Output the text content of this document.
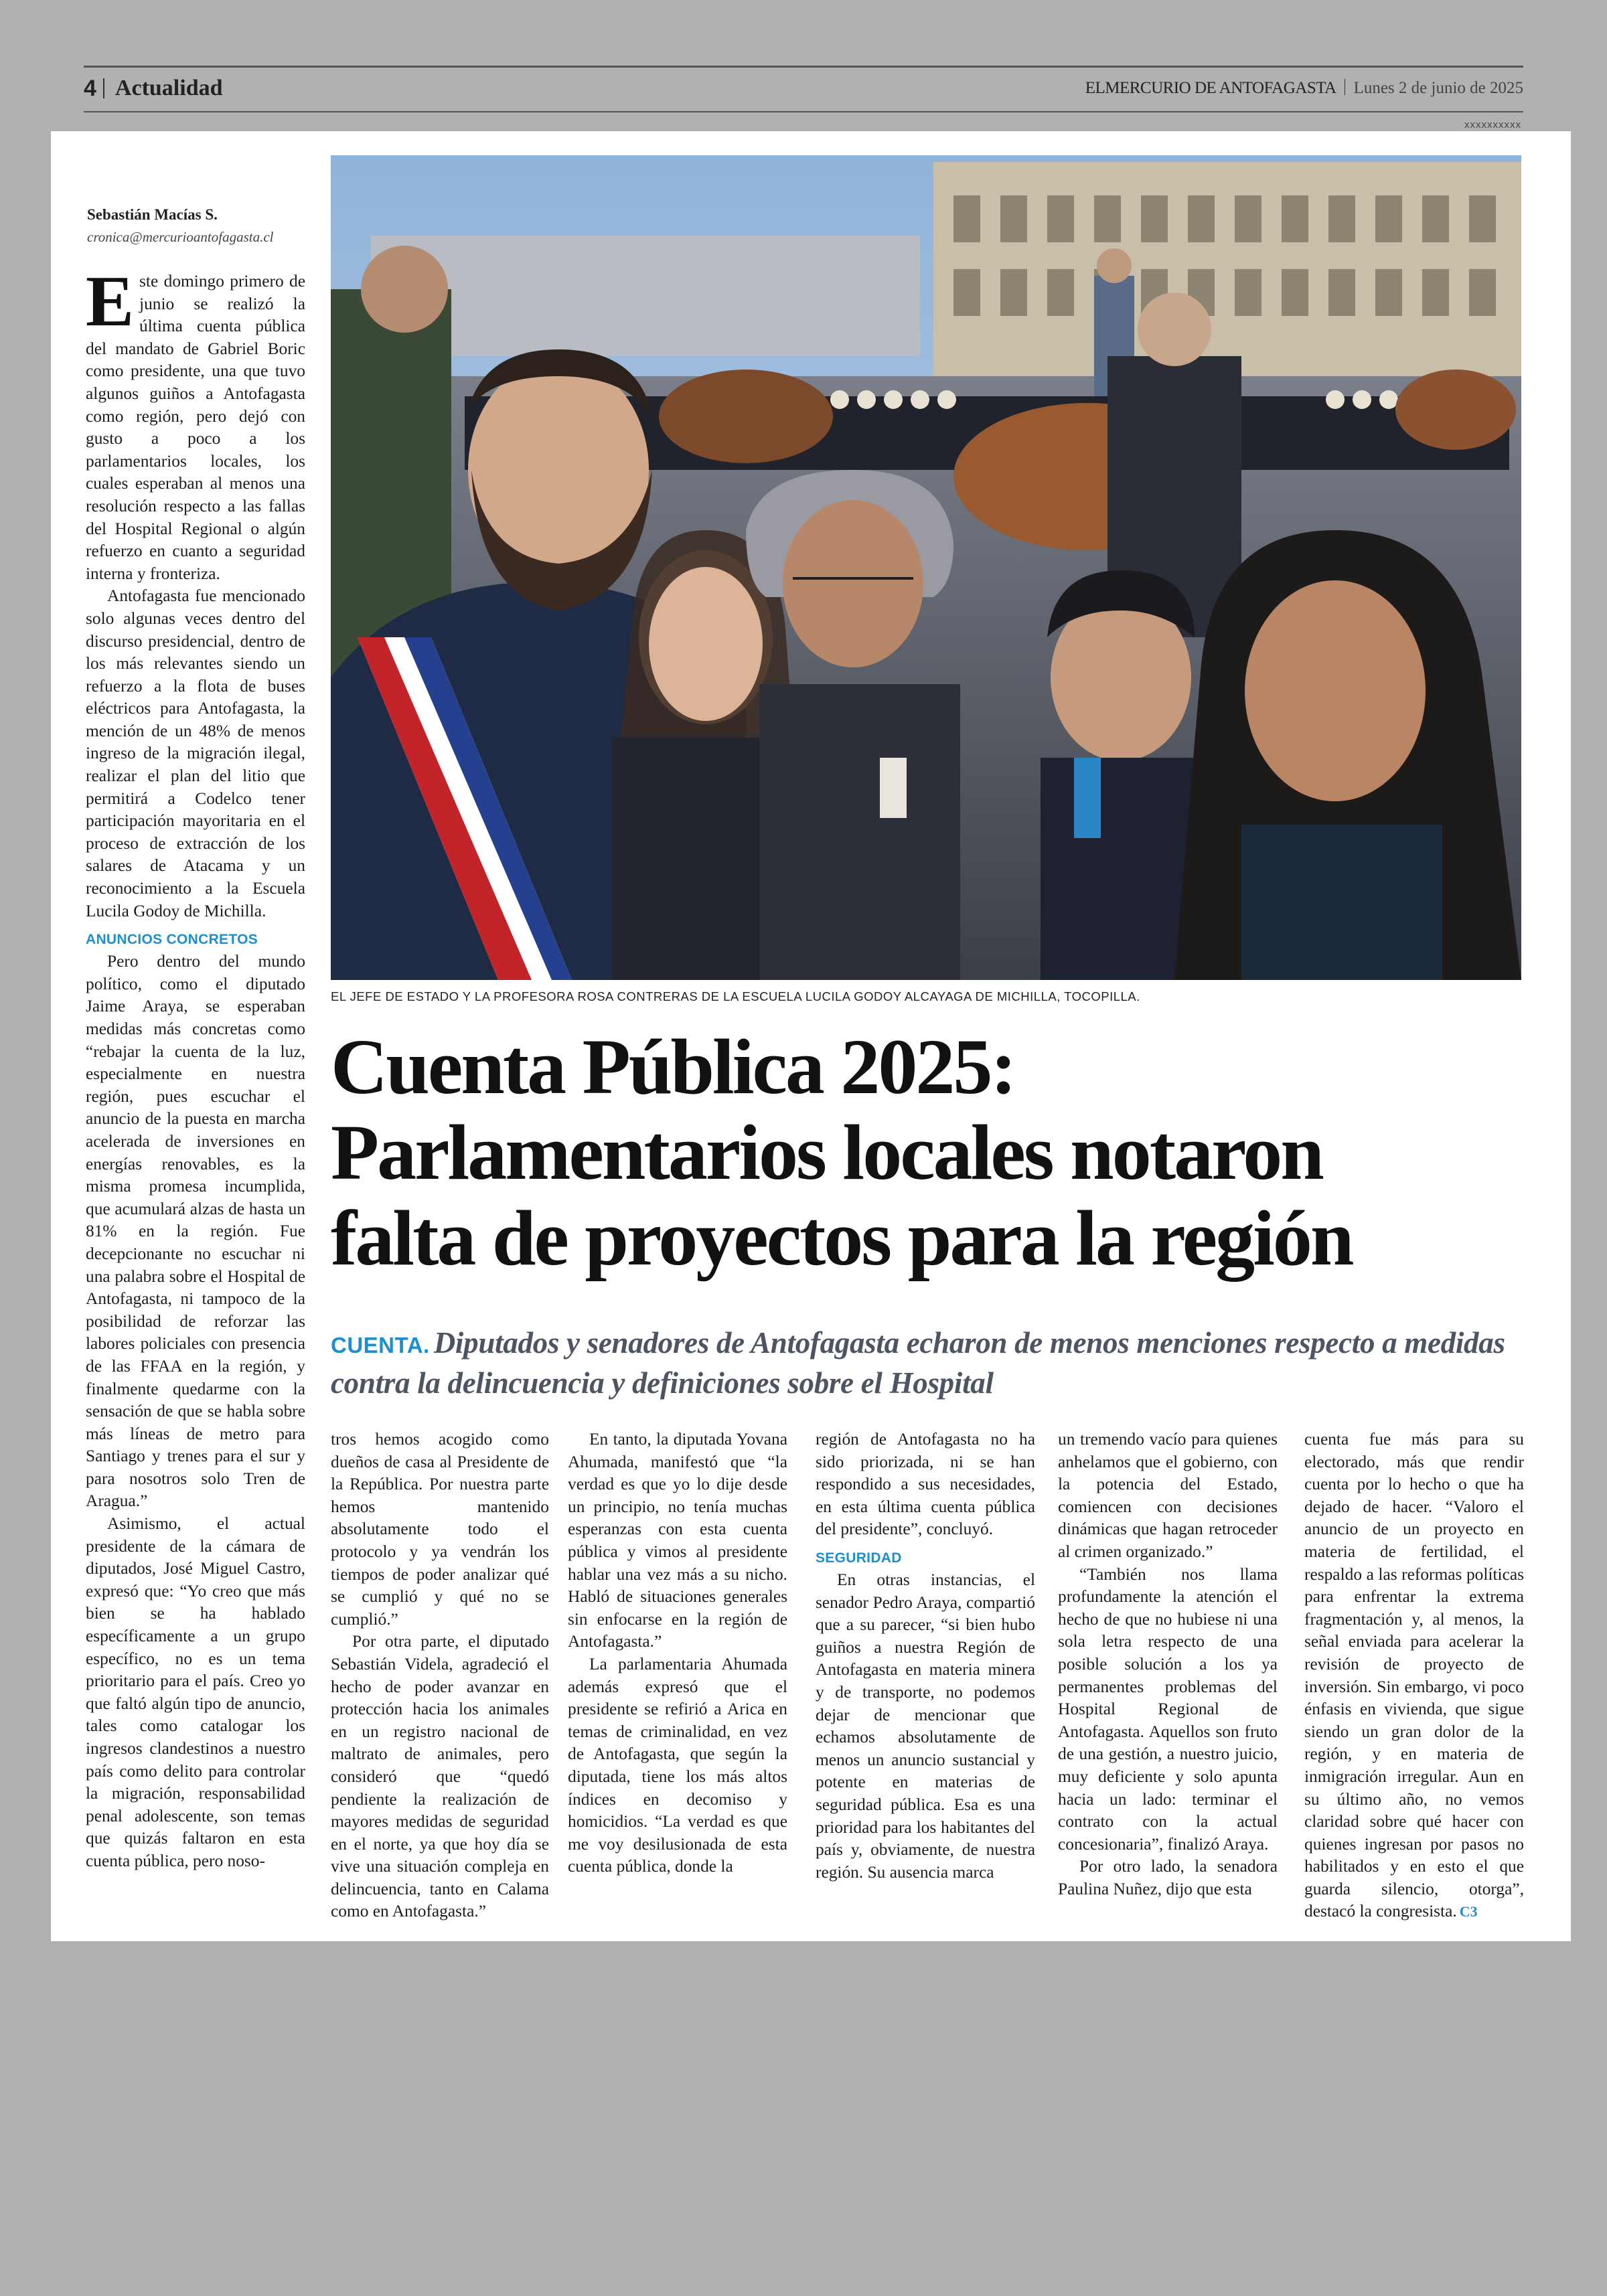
4 Actualidad	ELMERCURIO DE ANTOFAGASTA Lunes 2 de junio de 2025
xxxxxxxxxx
Sebastián Macías S.
cronica@mercurioantofagasta.cl

Este domingo primero de junio se realizó la última cuenta pública del mandato de Gabriel Boric como presidente, una que tuvo algunos guiños a Antofagasta como región, pero dejó con gusto a poco a los parlamentarios locales, los cuales esperaban al menos una resolución respecto a las fallas del Hospital Regional o algún refuerzo en cuanto a seguridad interna y fronteriza.

Antofagasta fue mencionado solo algunas veces dentro del discurso presidencial, dentro de los más relevantes siendo un refuerzo a la flota de buses eléctricos para Antofagasta, la mención de un 48% de menos ingreso de la migración ilegal, realizar el plan del litio que permitirá a Codelco tener participación mayoritaria en el proceso de extracción de los salares de Atacama y un reconocimiento a la Escuela Lucila Godoy de Michilla.

ANUNCIOS CONCRETOS

Pero dentro del mundo político, como el diputado Jaime Araya, se esperaban medidas más concretas como “rebajar la cuenta de la luz, especialmente en nuestra región, pues escuchar el anuncio de la puesta en marcha acelerada de inversiones en energías renovables, es la misma promesa incumplida, que acumulará alzas de hasta un 81% en la región. Fue decepcionante no escuchar ni una palabra sobre el Hospital de Antofagasta, ni tampoco de la posibilidad de reforzar las labores policiales con presencia de las FFAA en la región, y finalmente quedarme con la sensación de que se habla sobre más líneas de metro para Santiago y trenes para el sur y para nosotros solo Tren de Aragua.”

Asimismo, el actual presidente de la cámara de diputados, José Miguel Castro, expresó que: “Yo creo que más bien se ha hablado específicamente a un grupo específico, no es un tema prioritario para el país. Creo yo que faltó algún tipo de anuncio, tales como catalogar los ingresos clandestinos a nuestro país como delito para controlar la migración, responsabilidad penal adolescente, son temas que quizás faltaron en esta cuenta pública, pero noso-

EL JEFE DE ESTADO Y LA PROFESORA ROSA CONTRERAS DE LA ESCUELA LUCILA GODOY ALCAYAGA DE MICHILLA, TOCOPILLA.
Cuenta Pública 2025:
Parlamentarios locales notaron
falta de proyectos para la región
CUENTA. Diputados y senadores de Antofagasta echaron de menos menciones respecto a medidas contra la delincuencia y definiciones sobre el Hospital

tros hemos acogido como dueños de casa al Presidente de la República. Por nuestra parte hemos mantenido absolutamente todo el protocolo y ya vendrán los tiempos de poder analizar qué se cumplió y qué no se cumplió.”

Por otra parte, el diputado Sebastián Videla, agradeció el hecho de poder avanzar en protección hacia los animales en un registro nacional de maltrato de animales, pero consideró que “quedó pendiente la realización de mayores medidas de seguridad en el norte, ya que hoy día se vive una situación compleja en delincuencia, tanto en Calama como en Antofagasta.”

En tanto, la diputada Yovana Ahumada, manifestó que “la verdad es que yo lo dije desde un principio, no tenía muchas esperanzas con esta cuenta pública y vimos al presidente hablar una vez más a su nicho. Habló de situaciones generales sin enfocarse en la región de Antofagasta.”

La parlamentaria Ahumada además expresó que el presidente se refirió a Arica en temas de criminalidad, en vez de Antofagasta, que según la diputada, tiene los más altos índices en decomiso y homicidios. “La verdad es que me voy desilusionada de esta cuenta pública, donde la

región de Antofagasta no ha sido priorizada, ni se han respondido a sus necesidades, en esta última cuenta pública del presidente”, concluyó.

SEGURIDAD

En otras instancias, el senador Pedro Araya, compartió que a su parecer, “si bien hubo guiños a nuestra Región de Antofagasta en materia minera y de transporte, no podemos dejar de mencionar que echamos absolutamente de menos un anuncio sustancial y potente en materias de seguridad pública. Esa es una prioridad para los habitantes del país y, obviamente, de nuestra región. Su ausencia marca

un tremendo vacío para quienes anhelamos que el gobierno, con la potencia del Estado, comiencen con decisiones dinámicas que hagan retroceder al crimen organizado.”

“También nos llama profundamente la atención el hecho de que no hubiese ni una sola letra respecto de una posible solución a los ya permanentes problemas del Hospital Regional de Antofagasta. Aquellos son fruto de una gestión, a nuestro juicio, muy deficiente y solo apunta hacia un lado: terminar el contrato con la actual concesionaria”, finalizó Araya.

Por otro lado, la senadora Paulina Nuñez, dijo que esta

cuenta fue más para su electorado, más que rendir cuenta por lo hecho o que ha dejado de hacer. “Valoro el anuncio de un proyecto en materia de fertilidad, el respaldo a las reformas políticas para enfrentar la extrema fragmentación y, al menos, la señal enviada para acelerar la revisión de proyecto de inversión. Sin embargo, vi poco énfasis en vivienda, que sigue siendo un gran dolor de la región, y en materia de inmigración irregular. Aun en su último año, no vemos claridad sobre qué hacer con quienes ingresan por pasos no habilitados y en esto el que guarda silencio, otorga”, destacó la congresista. C3
